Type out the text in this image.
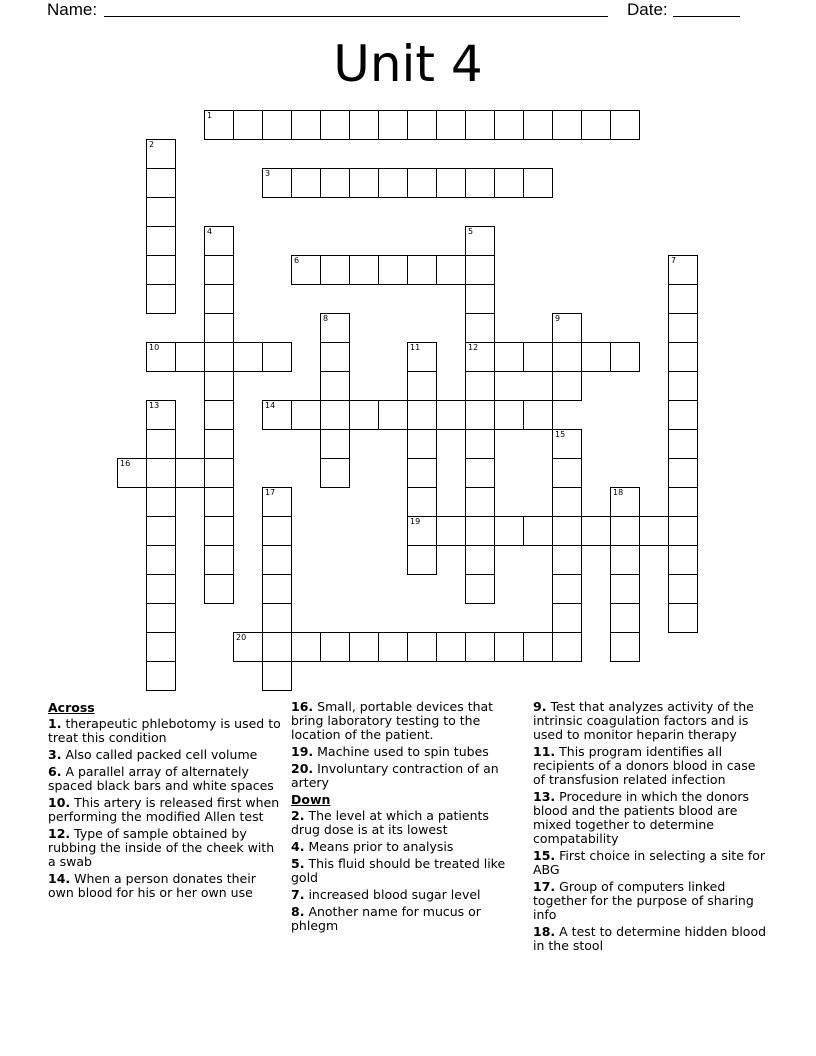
Name:	Date:
Unit 4
1
3
6
10	12
14
16
19
20
2
4	5
7
8	9
11
13
15
17	18
Across
1. therapeutic phlebotomy is used to treat this condition
3. Also called packed cell volume
6. A parallel array of alternately spaced black bars and white spaces
10. This artery is released first when performing the modified Allen test
12. Type of sample obtained by rubbing the inside of the cheek with a swab
14. When a person donates their own blood for his or her own use
16. Small, portable devices that bring laboratory testing to the location of the patient.
19. Machine used to spin tubes
20. Involuntary contraction of an artery
Down
2. The level at which a patients drug dose is at its lowest
4. Means prior to analysis
5. This fluid should be treated like gold
7. increased blood sugar level
8. Another name for mucus or phlegm
9. Test that analyzes activity of the intrinsic coagulation factors and is used to monitor heparin therapy
11. This program identifies all recipients of a donors blood in case of transfusion related infection
13. Procedure in which the donors blood and the patients blood are mixed together to determine compatability
15. First choice in selecting a site for ABG
17. Group of computers linked together for the purpose of sharing info
18. A test to determine hidden blood in the stool
